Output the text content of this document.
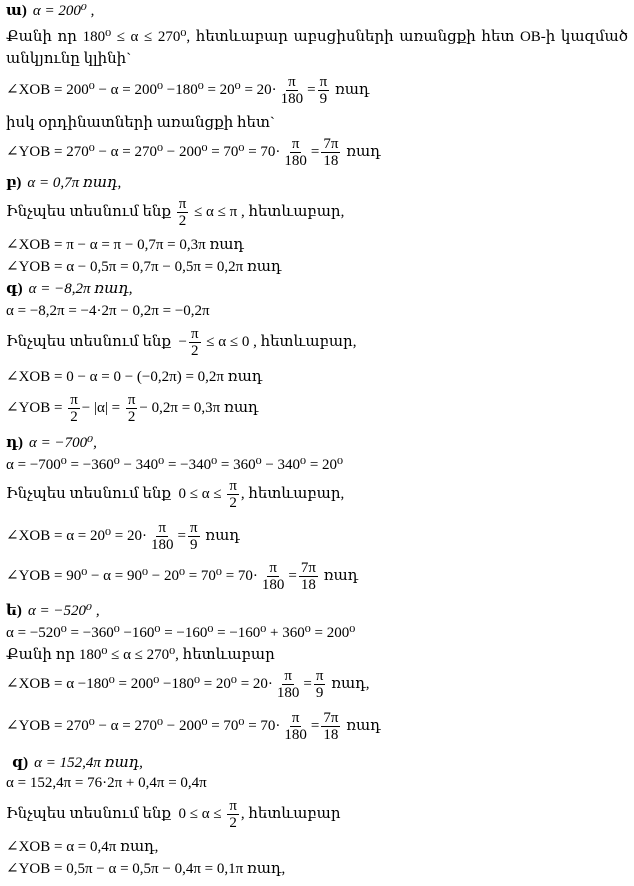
ա) α = 200⁰ ,
Քանի որ 180⁰ ≤ α ≤ 270⁰, հետևաբար աբսցիսների առանցքի հետ OB-ի կազմած
անկյունը կլինի`
∠XOB = $200^0 - \alpha = 200^0 -180^0 = 20^0 = 20\cdot \frac{\pi}{180} = \frac{\pi}{9}$ ռադ
իսկ օրդինատների առանցքի հետ`
∠YOB = $270^0 - \alpha = 270^0 - 200^0 = 70^0 = 70\cdot \frac{\pi}{180} = \frac{7\pi}{18}$ ռադ
բ) α = 0,7π ռադ,
Ինչպես տեսնում ենք $\frac{\pi}{2} \le \alpha \le \pi$ , հետևաբար,
∠XOB = π − α = π − 0,7π = 0,3π ռադ
∠YOB = α − 0,5π = 0,7π − 0,5π = 0,2π ռադ
գ) α = −8,2π ռադ,
α = −8,2π = −4·2π − 0,2π = −0,2π
Ինչպես տեսնում ենք  − $\frac{\pi}{2} \le \alpha \le 0$ , հետևաբար,
∠XOB = 0 − α = 0 − (−0,2π) = 0,2π ռադ
∠YOB = $\frac{\pi}{2} - |\alpha| = \frac{\pi}{2} - 0,2\pi = 0,3\pi$ ռադ
դ) α = −700⁰,
α = −700⁰ = −360⁰ − 340⁰ = −340⁰ = 360⁰ − 340⁰ = 20⁰
Ինչպես տեսնում ենք  $0 \le \alpha \le \frac{\pi}{2}$ , հետևաբար,
∠XOB = $\alpha = 20^0 = 20\cdot \frac{\pi}{180} = \frac{\pi}{9}$ ռադ
∠YOB = $90^0 - \alpha = 90^0 - 20^0 = 70^0 = 70\cdot \frac{\pi}{180} = \frac{7\pi}{18}$ ռադ
ե) α = −520⁰ ,
α = −520⁰ = −360⁰ −160⁰ = −160⁰ = −160⁰ + 360⁰ = 200⁰
Քանի որ 180⁰ ≤ α ≤ 270⁰, հետևաբար
∠XOB = $\alpha -180^0 = 200^0 -180^0 = 20^0 = 20\cdot \frac{\pi}{180} = \frac{\pi}{9}$ ռադ,
∠YOB = $270^0 - \alpha = 270^0 - 200^0 = 70^0 = 70\cdot \frac{\pi}{180} = \frac{7\pi}{18}$ ռադ
զ) α = 152,4π ռադ,
α = 152,4π = 76·2π + 0,4π = 0,4π
Ինչպես տեսնում ենք  $0 \le \alpha \le \frac{\pi}{2}$ , հետևաբար
∠XOB = α = 0,4π ռադ,
∠YOB = 0,5π − α = 0,5π − 0,4π = 0,1π ռադ,
